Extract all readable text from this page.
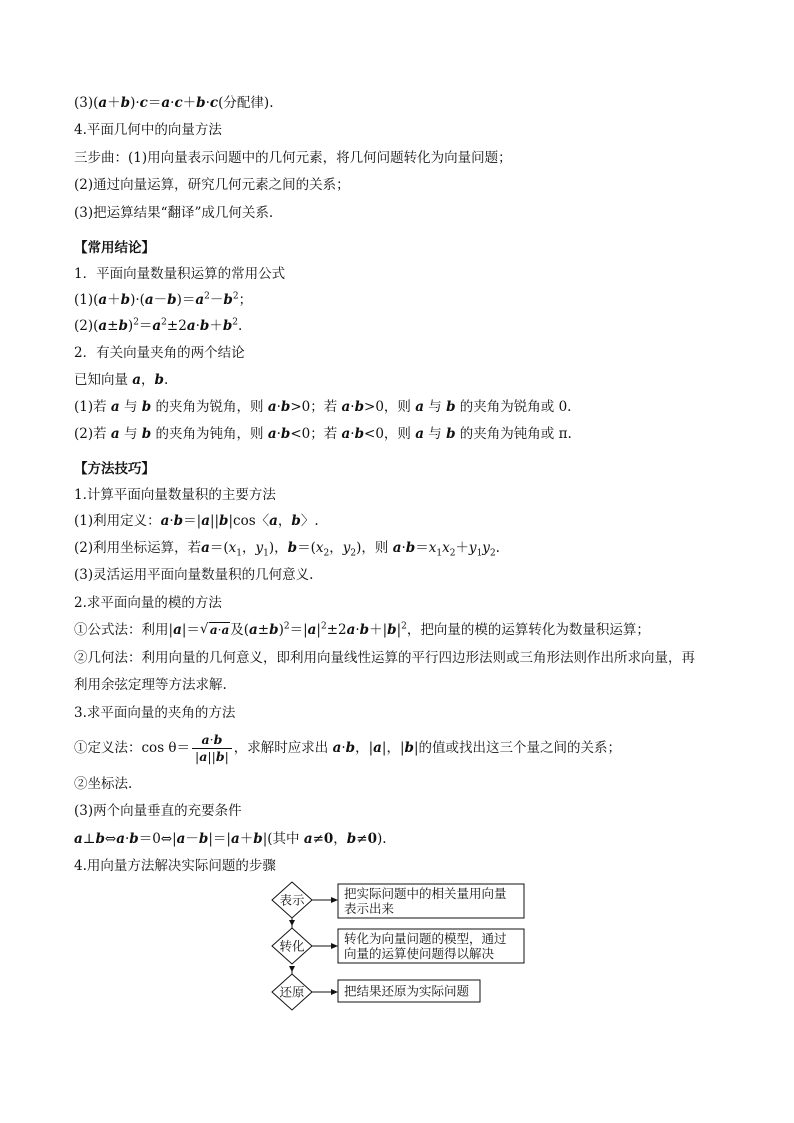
(3)(a＋b)·c＝a·c＋b·c(分配律).
4.平面几何中的向量方法
三步曲：(1)用向量表示问题中的几何元素，将几何问题转化为向量问题；
(2)通过向量运算，研究几何元素之间的关系；
(3)把运算结果“翻译”成几何关系.
【常用结论】
1．平面向量数量积运算的常用公式
$(1)(a+b)\cdot(a-b)=a^2-b^2$；
$(2)(a\pm b)^2=a^2\pm 2a\cdot b+b^2$.
2．有关向量夹角的两个结论
已知向量 a，b.
(1)若 a 与 b 的夹角为锐角，则 a·b>0；若 a·b>0，则 a 与 b 的夹角为锐角或 0.
(2)若 a 与 b 的夹角为钝角，则 a·b<0；若 a·b<0，则 a 与 b 的夹角为钝角或 π.
【方法技巧】
1.计算平面向量数量积的主要方法
(1)利用定义：a·b＝|a||b|cos〈a，b〉.
(2)利用坐标运算，若$a=(x_1$，$y_1$)，$b=(x_2$，$y_2$)，则 $a\cdot b=x_1x_2+y_1y_2$.
(3)灵活运用平面向量数量积的几何意义.
2.求平面向量的模的方法
①公式法：利用|a|＝ √ a·a及$(a\pm b)^2=|a|^2\pm 2a\cdot b+|b|^2$，把向量的模的运算转化为数量积运算；
②几何法：利用向量的几何意义，即利用向量线性运算的平行四边形法则或三角形法则作出所求向量，再
利用余弦定理等方法求解.
3.求平面向量的夹角的方法
①定义法：$\cos \theta= \frac{a\cdot b}{|a||b|}$ ，求解时应求出 a·b，|a|，|b|的值或找出这三个量之间的关系；
②坐标法.
(3)两个向量垂直的充要条件
a⊥b⇔a·b＝0⇔|a－b|＝|a＋b|(其中 a≠0，b≠0).
4.用向量方法解决实际问题的步骤
表示
转化
还原
把实际问题中的相关量用向量
表示出来
转化为向量问题的模型，通过
向量的运算使问题得以解决
把结果还原为实际问题
